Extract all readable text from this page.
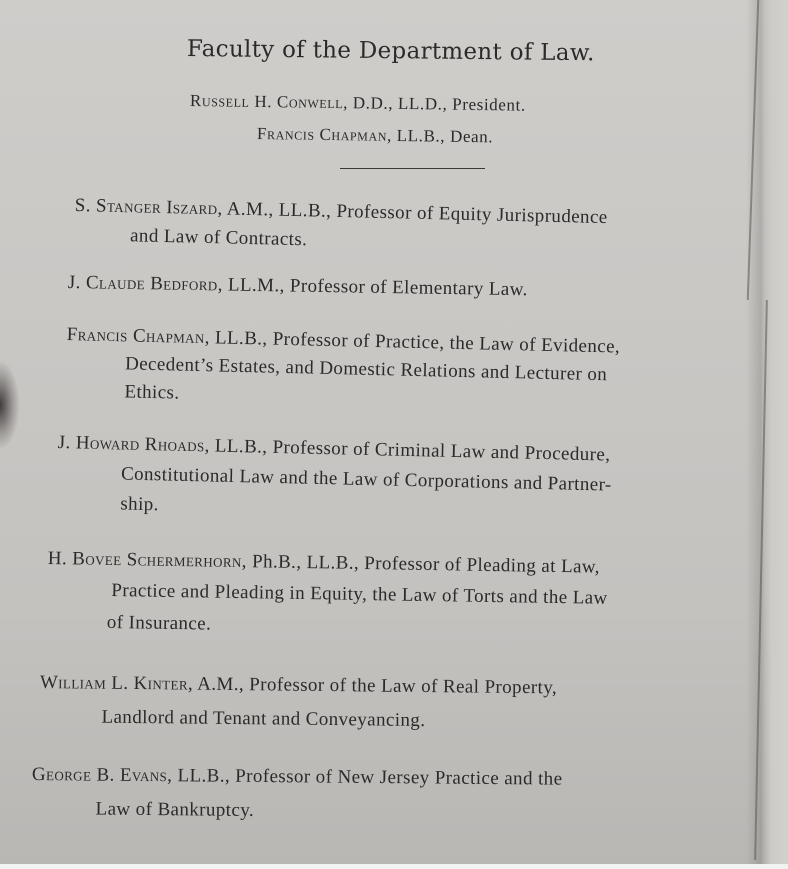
Faculty of the Department of Law.
Russell H. Conwell, D.D., LL.D., President.
Francis Chapman, LL.B., Dean.
S. Stanger Iszard, A.M., LL.B., Professor of Equity Jurisprudence
and Law of Contracts.
J. Claude Bedford, LL.M., Professor of Elementary Law.
Francis Chapman, LL.B., Professor of Practice, the Law of Evidence,
Decedent’s Estates, and Domestic Relations and Lecturer on
Ethics.
J. Howard Rhoads, LL.B., Professor of Criminal Law and Procedure,
Constitutional Law and the Law of Corporations and Partner-
ship.
H. Bovee Schermerhorn, Ph.B., LL.B., Professor of Pleading at Law,
Practice and Pleading in Equity, the Law of Torts and the Law
of Insurance.
William L. Kinter, A.M., Professor of the Law of Real Property,
Landlord and Tenant and Conveyancing.
George B. Evans, LL.B., Professor of New Jersey Practice and the
Law of Bankruptcy.
